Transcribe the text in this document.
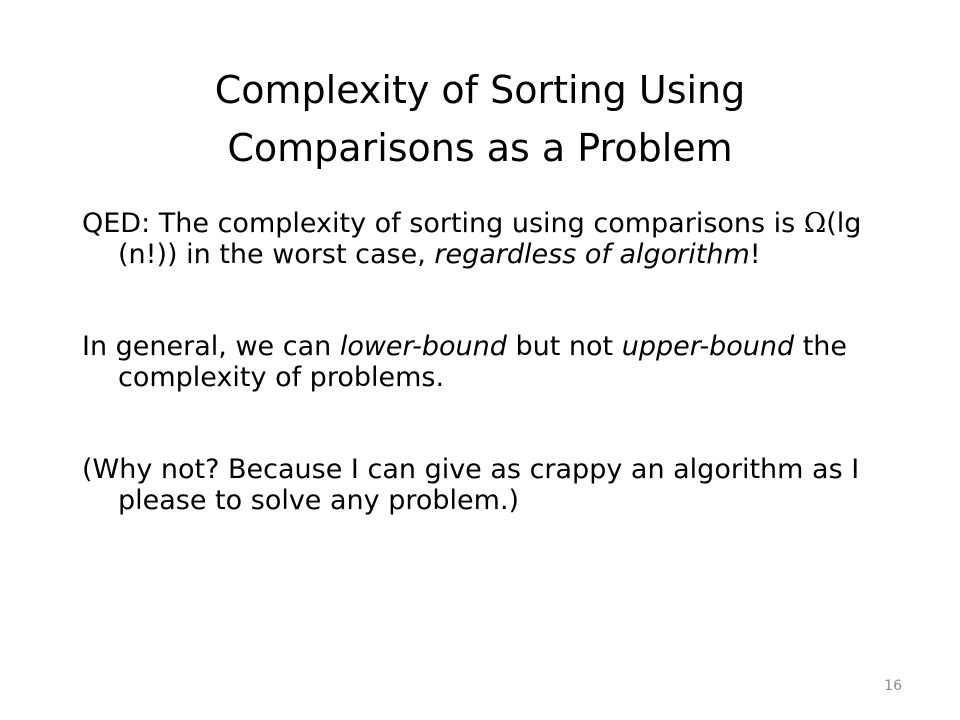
Complexity of Sorting Using
Comparisons as a Problem

QED: The complexity of sorting using comparisons is Ω(lg (n!)) in the worst case, regardless of algorithm!

In general, we can lower-bound but not upper-bound the complexity of problems.

(Why not? Because I can give as crappy an algorithm as I please to solve any problem.)

16
